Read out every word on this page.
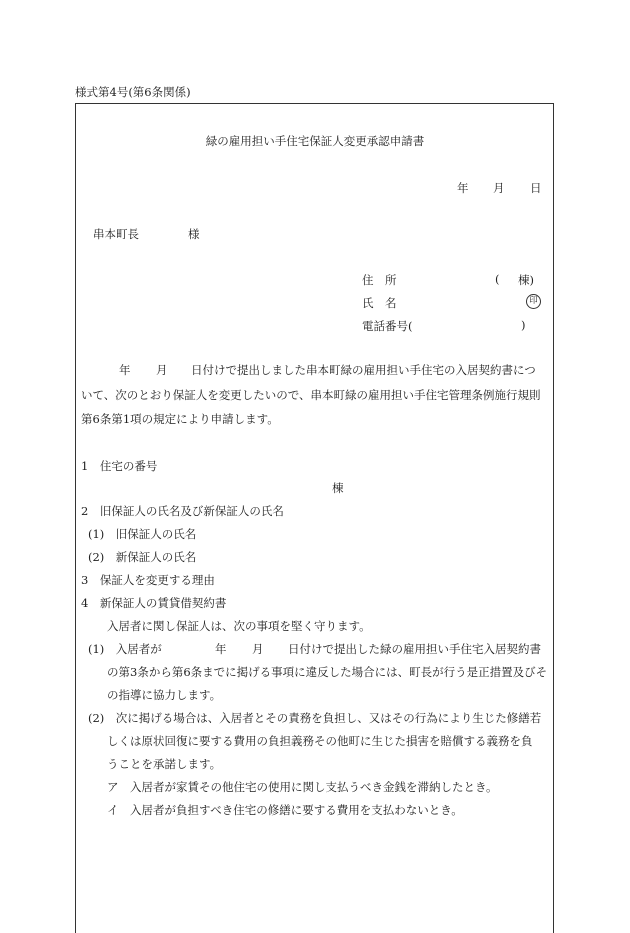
様式第4号(第6条関係)
緑の雇用担い手住宅保証人変更承認申請書
年 月 日
串本町長	様
住　所	( 棟)
氏　名	印
電話番号(	)
年 月 日付けで提出しました串本町緑の雇用担い手住宅の入居契約書につ
いて、次のとおり保証人を変更したいので、串本町緑の雇用担い手住宅管理条例施行規則
第6条第1項の規定により申請します。
1　住宅の番号
棟
2　旧保証人の氏名及び新保証人の氏名
(1)　旧保証人の氏名
(2)　新保証人の氏名
3　保証人を変更する理由
4　新保証人の賃貸借契約書
入居者に関し保証人は、次の事項を堅く守ります。
(1)　入居者が	年 月 日付けで提出した緑の雇用担い手住宅入居契約書
の第3条から第6条までに掲げる事項に違反した場合には、町長が行う是正措置及びそ
の指導に協力します。
(2)　次に掲げる場合は、入居者とその責務を負担し、又はその行為により生じた修繕若
しくは原状回復に要する費用の負担義務その他町に生じた損害を賠償する義務を負
うことを承諾します。
ア　入居者が家賃その他住宅の使用に関し支払うべき金銭を滞納したとき。
イ　入居者が負担すべき住宅の修繕に要する費用を支払わないとき。
